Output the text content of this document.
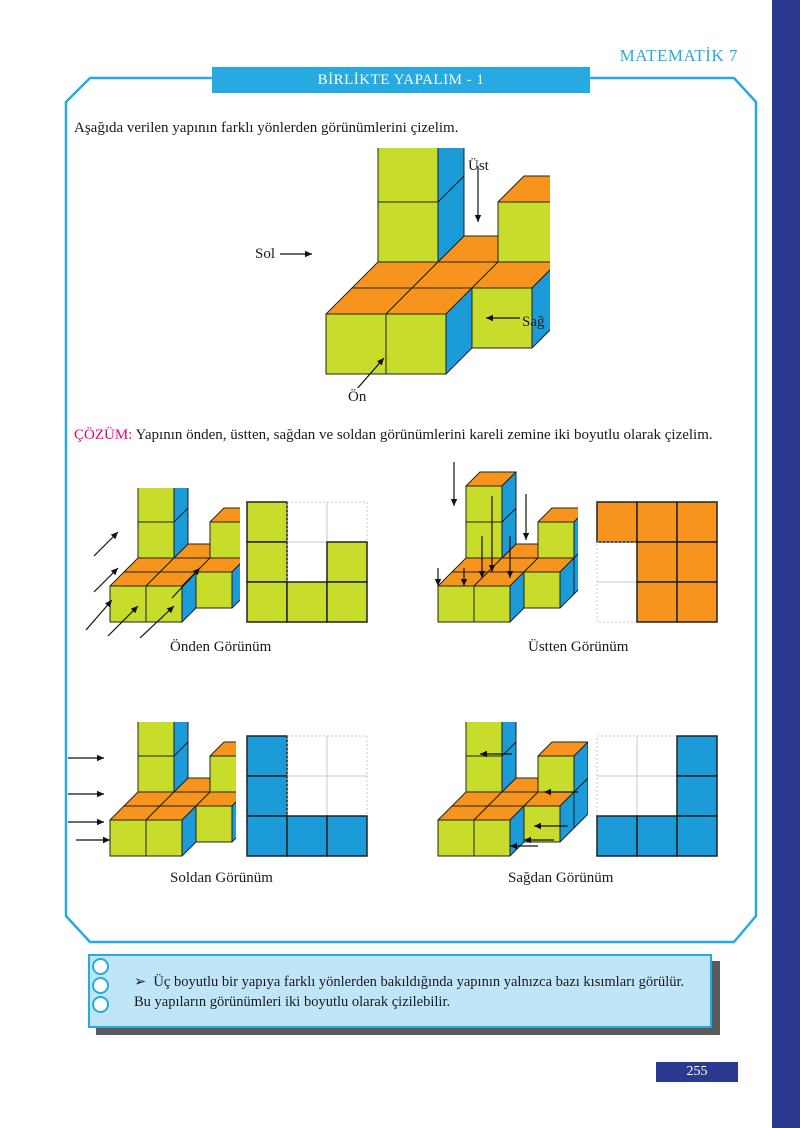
MATEMATİK 7
BİRLİKTE YAPALIM - 1
Aşağıda verilen yapının farklı yönlerden görünümlerini çizelim.
Üst
Sol
Sağ
Ön
ÇÖZÜM: Yapının önden, üstten, sağdan ve soldan görünümlerini kareli zemine iki boyutlu olarak çizelim.
Önden Görünüm	Üstten Görünüm
Soldan Görünüm	Sağdan Görünüm
➢ Üç boyutlu bir yapıya farklı yönlerden bakıldığında yapının yalnızca bazı kısımları görülür. Bu yapıların görünümleri iki boyutlu olarak çizilebilir.
255
